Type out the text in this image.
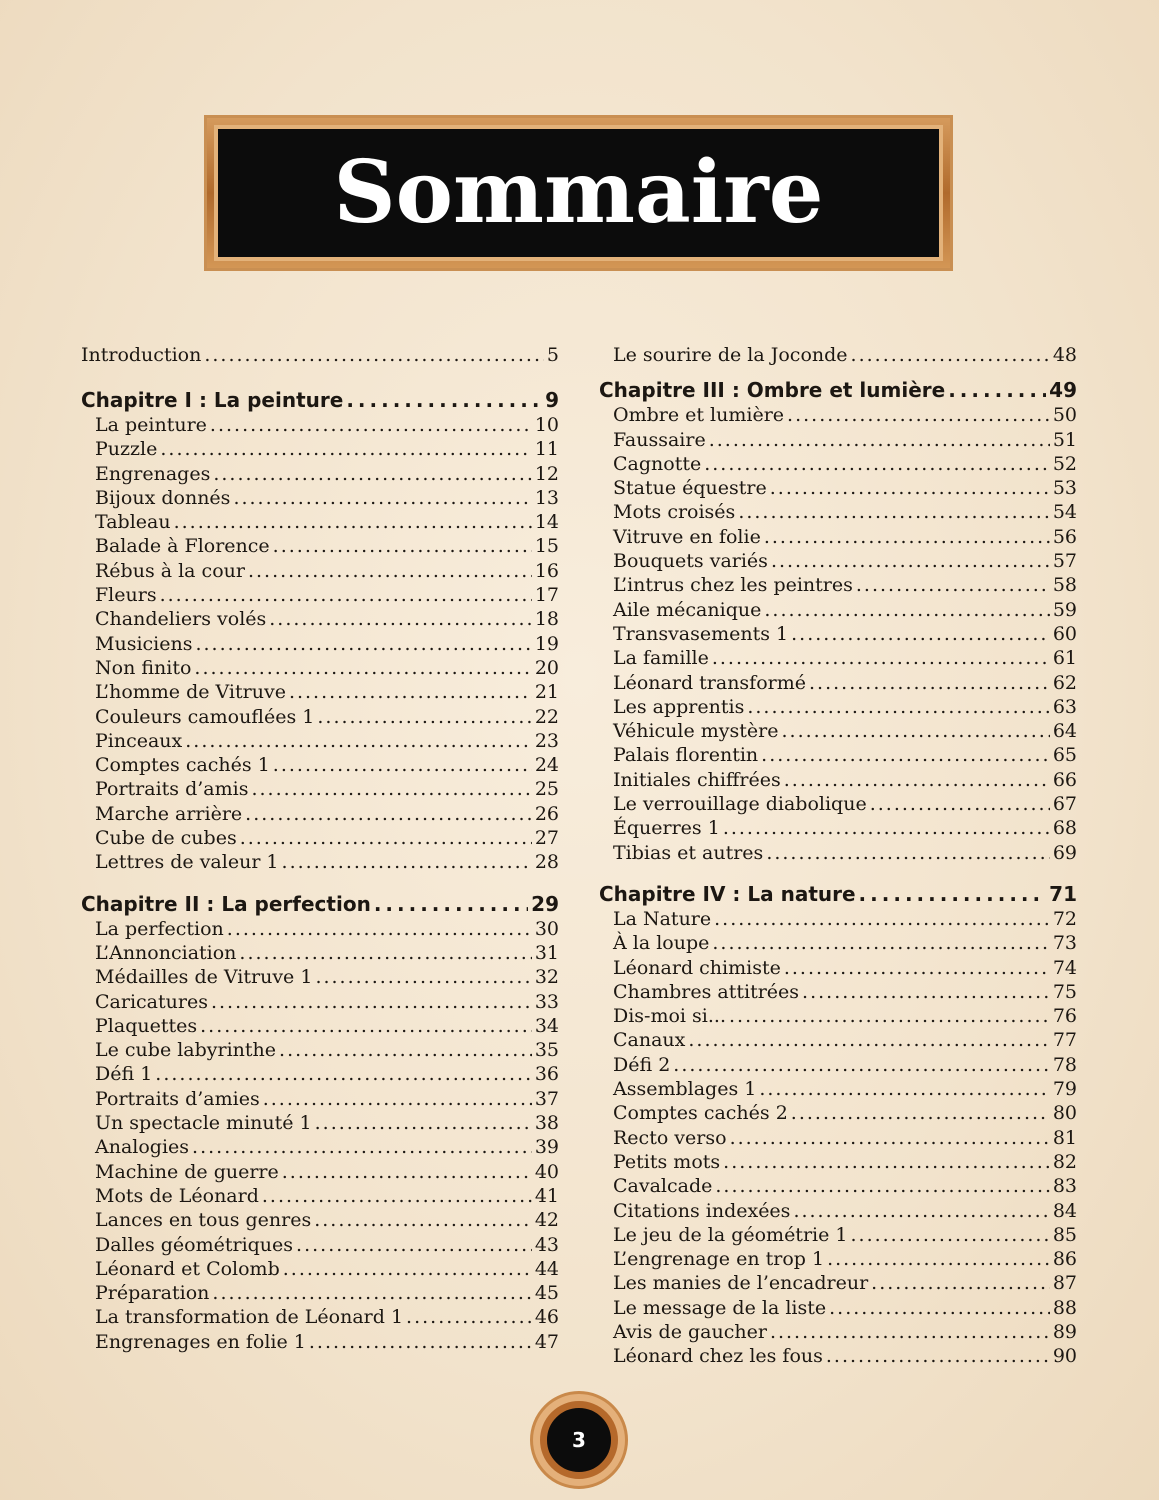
Sommaire
Introduction .....	5
Chapitre I : La peinture .....	9
La peinture .....	10
Puzzle .....	11
Engrenages .....	12
Bijoux donnés .....	13
Tableau .....	14
Balade à Florence .....	15
Rébus à la cour .....	16
Fleurs .....	17
Chandeliers volés .....	18
Musiciens .....	19
Non finito .....	20
L’homme de Vitruve .....	21
Couleurs camouflées 1 .....	22
Pinceaux .....	23
Comptes cachés 1 .....	24
Portraits d’amis .....	25
Marche arrière .....	26
Cube de cubes .....	27
Lettres de valeur 1 .....	28
Chapitre II : La perfection .....	29
La perfection .....	30
L’Annonciation .....	31
Médailles de Vitruve 1 .....	32
Caricatures .....	33
Plaquettes .....	34
Le cube labyrinthe .....	35
Défi 1 .....	36
Portraits d’amies .....	37
Un spectacle minuté 1 .....	38
Analogies .....	39
Machine de guerre .....	40
Mots de Léonard .....	41
Lances en tous genres .....	42
Dalles géométriques .....	43
Léonard et Colomb .....	44
Préparation .....	45
La transformation de Léonard 1 .....	46
Engrenages en folie 1 .....	47
Le sourire de la Joconde .....	48
Chapitre III : Ombre et lumière .....	49
Ombre et lumière .....	50
Faussaire .....	51
Cagnotte .....	52
Statue équestre .....	53
Mots croisés .....	54
Vitruve en folie .....	56
Bouquets variés .....	57
L’intrus chez les peintres .....	58
Aile mécanique .....	59
Transvasements 1 .....	60
La famille .....	61
Léonard transformé .....	62
Les apprentis .....	63
Véhicule mystère .....	64
Palais florentin .....	65
Initiales chiffrées .....	66
Le verrouillage diabolique .....	67
Équerres 1 .....	68
Tibias et autres .....	69
Chapitre IV : La nature .....	71
La Nature .....	72
À la loupe .....	73
Léonard chimiste .....	74
Chambres attitrées .....	75
Dis-moi si... .....	76
Canaux .....	77
Défi 2 .....	78
Assemblages 1 .....	79
Comptes cachés 2 .....	80
Recto verso .....	81
Petits mots .....	82
Cavalcade .....	83
Citations indexées .....	84
Le jeu de la géométrie 1 .....	85
L’engrenage en trop 1 .....	86
Les manies de l’encadreur .....	87
Le message de la liste .....	88
Avis de gaucher .....	89
Léonard chez les fous .....	90
3
